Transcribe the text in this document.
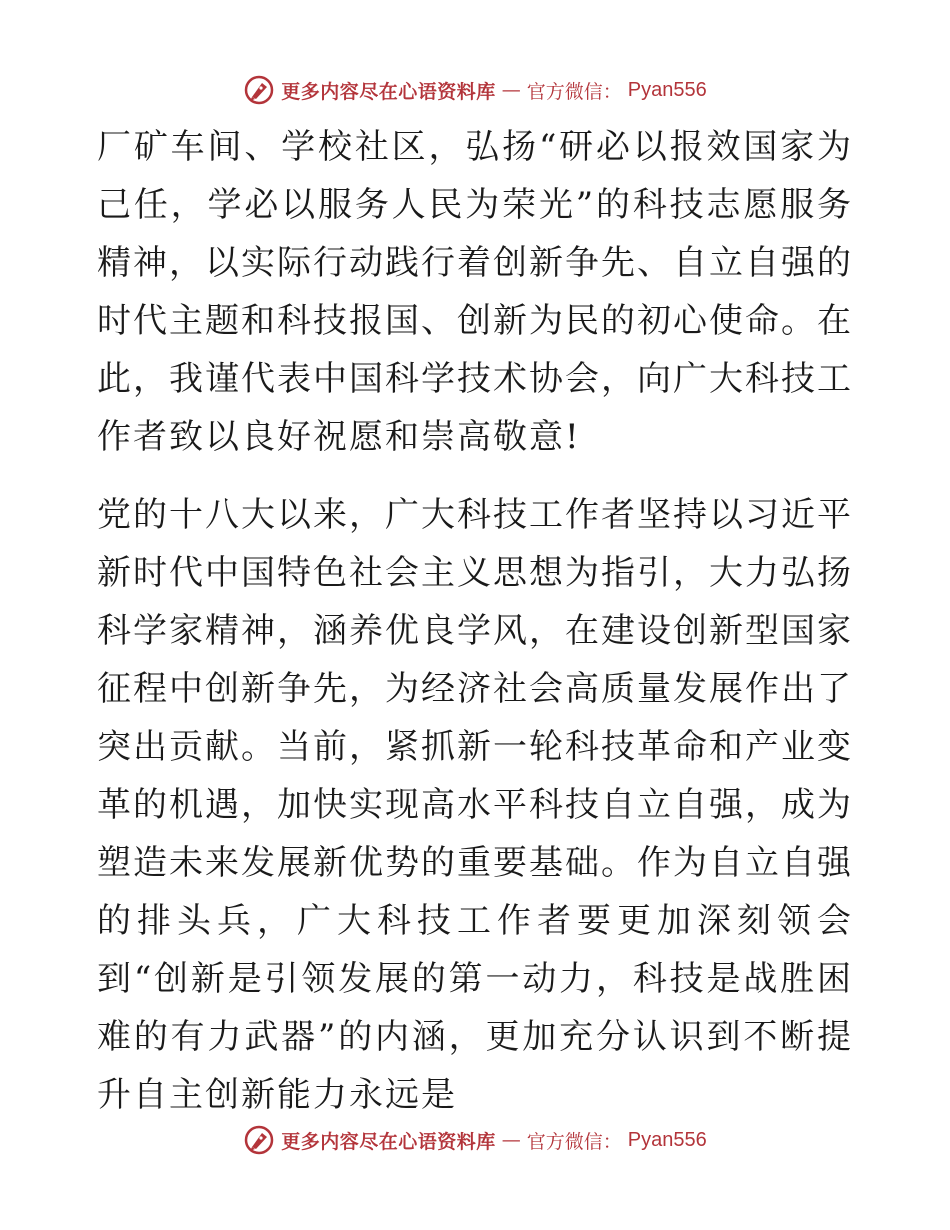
更多内容尽在心语资料库 — 官方微信： Pyan556

厂矿车间、学校社区，弘扬“研必以报效国家为己任，学必以服务人民为荣光”的科技志愿服务精神，以实际行动践行着创新争先、自立自强的时代主题和科技报国、创新为民的初心使命。在此，我谨代表中国科学技术协会，向广大科技工作者致以良好祝愿和崇高敬意!

党的十八大以来，广大科技工作者坚持以习近平新时代中国特色社会主义思想为指引，大力弘扬科学家精神，涵养优良学风，在建设创新型国家征程中创新争先，为经济社会高质量发展作出了突出贡献。当前，紧抓新一轮科技革命和产业变革的机遇，加快实现高水平科技自立自强，成为塑造未来发展新优势的重要基础。作为自立自强的排头兵，广大科技工作者要更加深刻领会到“创新是引领发展的第一动力，科技是战胜困难的有力武器”的内涵，更加充分认识到不断提升自主创新能力永远是

更多内容尽在心语资料库 — 官方微信： Pyan556
